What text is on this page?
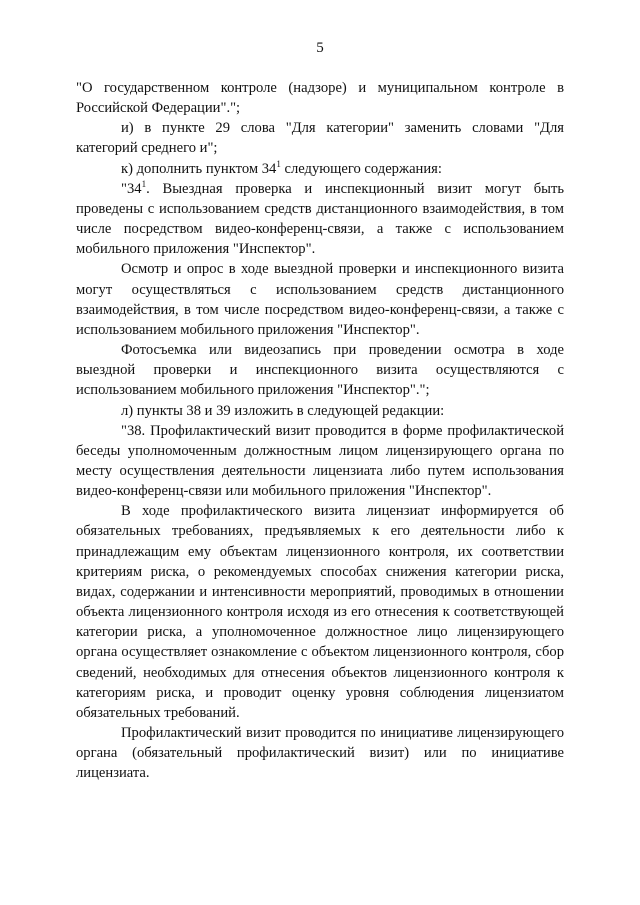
5

"О государственном контроле (надзоре) и муниципальном контроле в Российской Федерации".";

и) в пункте 29 слова "Для категории" заменить словами "Для категорий среднего и";

к) дополнить пунктом $34^1$ следующего содержания:

"$34^1$. Выездная проверка и инспекционный визит могут быть проведены с использованием средств дистанционного взаимодействия, в том числе посредством видео-конференц-связи, а также с использованием мобильного приложения "Инспектор".

Осмотр и опрос в ходе выездной проверки и инспекционного визита могут осуществляться с использованием средств дистанционного взаимодействия, в том числе посредством видео-конференц-связи, а также с использованием мобильного приложения "Инспектор".

Фотосъемка или видеозапись при проведении осмотра в ходе выездной проверки и инспекционного визита осуществляются с использованием мобильного приложения "Инспектор".";

л) пункты 38 и 39 изложить в следующей редакции:

"38. Профилактический визит проводится в форме профилактической беседы уполномоченным должностным лицом лицензирующего органа по месту осуществления деятельности лицензиата либо путем использования видео-конференц-связи или мобильного приложения "Инспектор".

В ходе профилактического визита лицензиат информируется об обязательных требованиях, предъявляемых к его деятельности либо к принадлежащим ему объектам лицензионного контроля, их соответствии критериям риска, о рекомендуемых способах снижения категории риска, видах, содержании и интенсивности мероприятий, проводимых в отношении объекта лицензионного контроля исходя из его отнесения к соответствующей категории риска, а уполномоченное должностное лицо лицензирующего органа осуществляет ознакомление с объектом лицензионного контроля, сбор сведений, необходимых для отнесения объектов лицензионного контроля к категориям риска, и проводит оценку уровня соблюдения лицензиатом обязательных требований.

Профилактический визит проводится по инициативе лицензирующего органа (обязательный профилактический визит) или по инициативе лицензиата.
